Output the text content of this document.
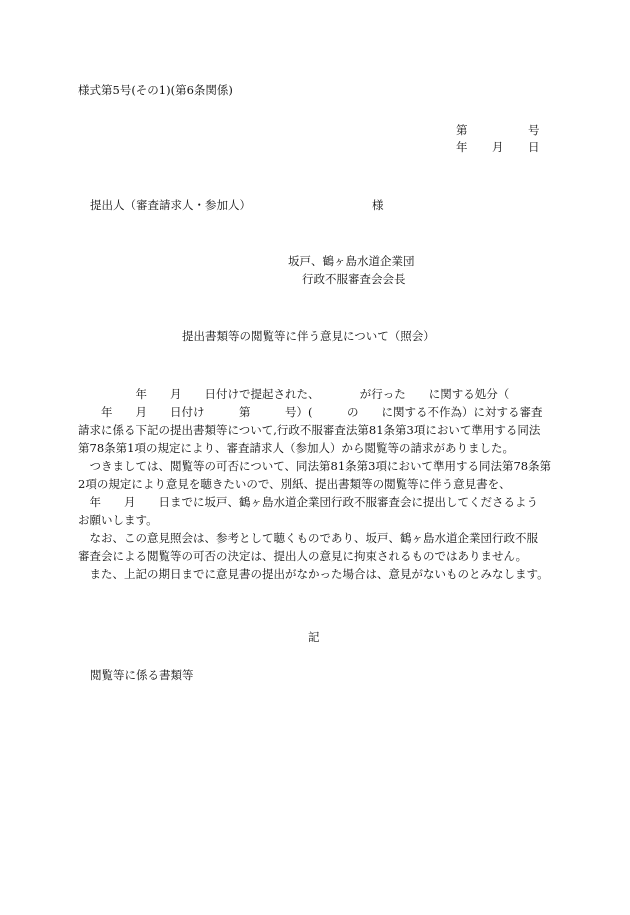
様式第5号(その1)(第6条関係)
第	号
年 月 日
提出人（審査請求人・参加人）	様
坂戸、鶴ヶ島水道企業団
行政不服審査会会長
提出書類等の閲覧等に伴う意見について（照会）
　　　　　年　　月　　日付けで提起された、　　　　が行った　　に関する処分（
　　年　　月　　日付け　　　第　　　号）(　　　の　　に関する不作為）に対する審査
請求に係る下記の提出書類等について,行政不服審査法第81条第3項において準用する同法
第78条第1項の規定により、審査請求人（参加人）から閲覧等の請求がありました。
　つきましては、閲覧等の可否について、同法第81条第3項において準用する同法第78条第
2項の規定により意見を聴きたいので、別紙、提出書類等の閲覧等に伴う意見書を、
　年　　月　　日までに坂戸、鶴ヶ島水道企業団行政不服審査会に提出してくださるよう
お願いします。
　なお、この意見照会は、参考として聴くものであり、坂戸、鶴ヶ島水道企業団行政不服
審査会による閲覧等の可否の決定は、提出人の意見に拘束されるものではありません。
　また、上記の期日までに意見書の提出がなかった場合は、意見がないものとみなします。
記
閲覧等に係る書類等
